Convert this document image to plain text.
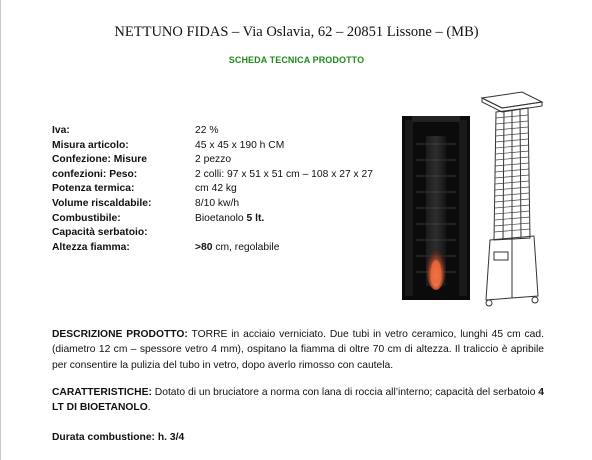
NETTUNO FIDAS – Via Oslavia, 62 – 20851 Lissone – (MB)
SCHEDA TECNICA PRODOTTO
Iva:	22 %
Misura articolo:	45 x 45 x 190 h CM
Confezione: Misure	2 pezzo
confezioni: Peso:	2 colli: 97 x 51 x 51 cm – 108 x 27 x 27
Potenza termica:	cm 42 kg
Volume riscaldabile:	8/10 kw/h
Combustibile:	Bioetanolo 5 lt.
Capacità serbatoio:
Altezza fiamma:	>80 cm, regolabile
DESCRIZIONE PRODOTTO: TORRE in acciaio verniciato. Due tubi in vetro ceramico, lunghi 45 cm cad. (diametro 12 cm – spessore vetro 4 mm), ospitano la fiamma di oltre 70 cm di altezza. Il traliccio è apribile per consentire la pulizia del tubo in vetro, dopo averlo rimosso con cautela.
CARATTERISTICHE: Dotato di un bruciatore a norma con lana di roccia all’interno; capacità del serbatoio 4 LT DI BIOETANOLO.
Durata combustione: h. 3/4
